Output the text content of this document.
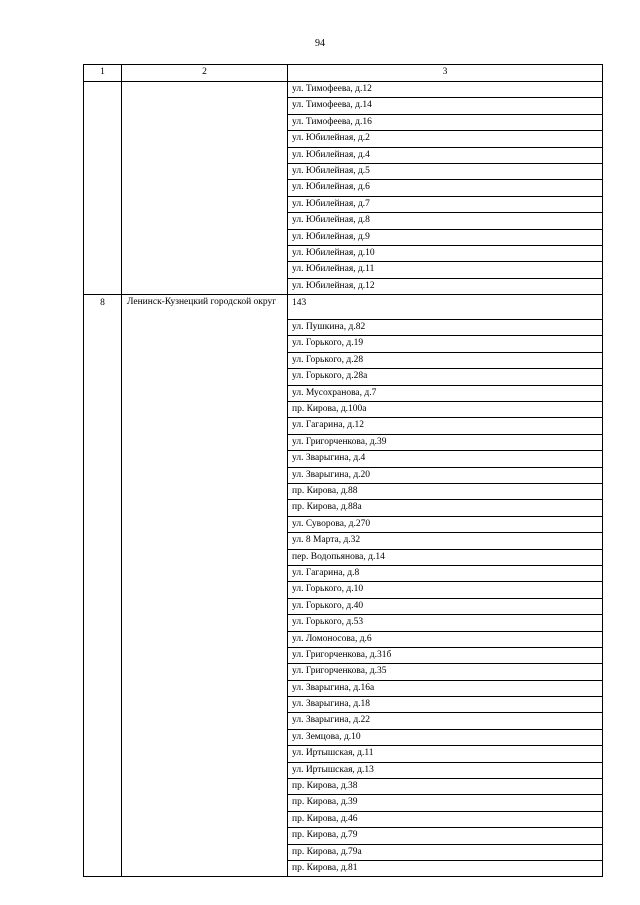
94
1	2	3
		ул. Тимофеева, д.12
		ул. Тимофеева, д.14
		ул. Тимофеева, д.16
		ул. Юбилейная, д.2
		ул. Юбилейная, д.4
		ул. Юбилейная, д.5
		ул. Юбилейная, д.6
		ул. Юбилейная, д.7
		ул. Юбилейная, д.8
		ул. Юбилейная, д.9
		ул. Юбилейная, д.10
		ул. Юбилейная, д.11
		ул. Юбилейная, д.12
8	Ленинск-Кузнецкий городской округ	143
		ул. Пушкина, д.82
		ул. Горького, д.19
		ул. Горького, д.28
		ул. Горького, д.28а
		ул. Мусохранова, д.7
		пр. Кирова, д.100а
		ул. Гагарина, д.12
		ул. Григорченкова, д.39
		ул. Зварыгина, д.4
		ул. Зварыгина, д.20
		пр. Кирова, д.88
		пр. Кирова, д.88а
		ул. Суворова, д.270
		ул. 8 Марта, д.32
		пер. Водопьянова, д.14
		ул. Гагарина, д.8
		ул. Горького, д.10
		ул. Горького, д.40
		ул. Горького, д.53
		ул. Ломоносова, д.6
		ул. Григорченкова, д.31б
		ул. Григорченкова, д.35
		ул. Зварыгина, д.16а
		ул. Зварыгина, д.18
		ул. Зварыгина, д.22
		ул. Земцова, д.10
		ул. Иртышская, д.11
		ул. Иртышская, д.13
		пр. Кирова, д.38
		пр. Кирова, д.39
		пр. Кирова, д.46
		пр. Кирова, д.79
		пр. Кирова, д.79а
		пр. Кирова, д.81
